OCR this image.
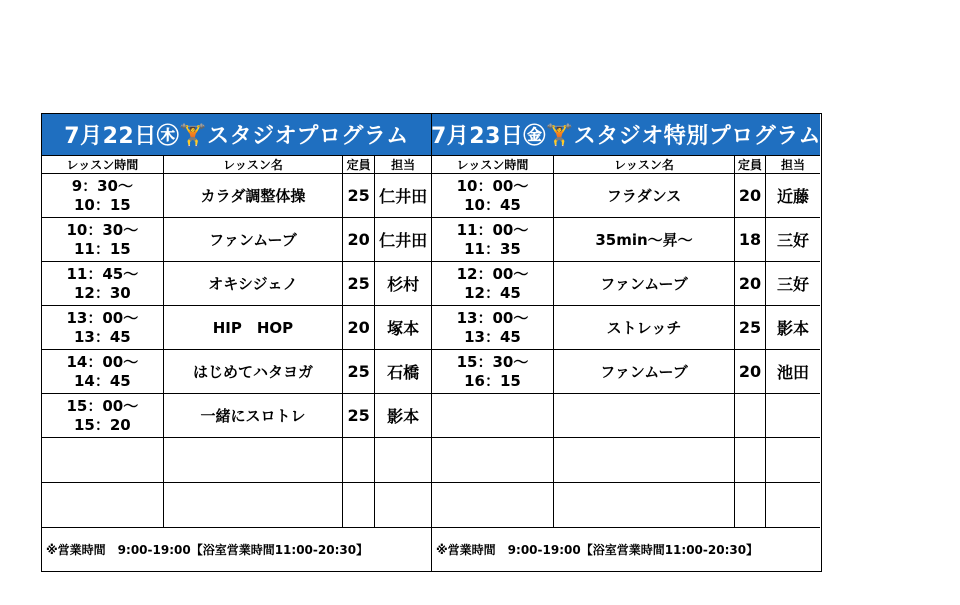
7月22日㊍🏋スタジオプログラム
レッスン時間	レッスン名	定員	担当
9：30～
10：15	カラダ調整体操	25 仁井田
10：30～
11：15	ファンムーブ	20 仁井田
11：45～
12：30	オキシジェノ	25	杉村
13：00～
13：45	HIP　HOP	20	塚本
14：00～
14：45	はじめてハタヨガ	25	石橋
15：00～
15：20	一緒にスロトレ	25	影本
※営業時間　9:00-19:00【浴室営業時間11:00-20:30】
7月23日㊎🏋スタジオ特別プログラム
レッスン時間	レッスン名	定員	担当
10：00～
10：45	フラダンス	20 近藤
11：00～
11：35	35min～昇～	18 三好
12：00～
12：45	ファンムーブ	20 三好
13：00～
13：45	ストレッチ	25 影本
15：30～
16：15	ファンムーブ	20 池田
※営業時間　9:00-19:00【浴室営業時間11:00-20:30】
